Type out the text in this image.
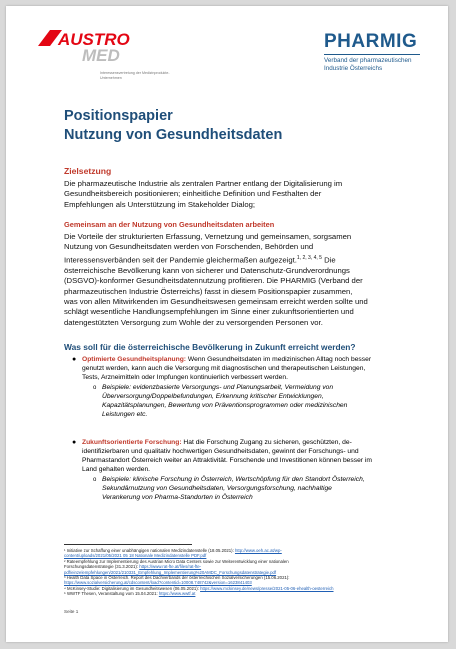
AUSTRO
MED
Interessensvertretung der Medizinprodukte-Unternehmen
PHARMIG
Verband der pharmazeutischen
Industrie Österreichs
Positionspapier
Nutzung von Gesundheitsdaten
Zielsetzung
Die pharmazeutische Industrie als zentralen Partner entlang der Digitalisierung im
Gesundheitsbereich positionieren; einheitliche Definition und Festhalten der
Empfehlungen als Unterstützung im Stakeholder Dialog;
Gemeinsam an der Nutzung von Gesundheitsdaten arbeiten
Die Vorteile der strukturierten Erfassung, Vernetzung und gemeinsamen, sorgsamen
Nutzung von Gesundheitsdaten werden von Forschenden, Behörden und
Interessensverbänden seit der Pandemie gleichermaßen aufgezeigt.$^{1, 2, 3, 4, 5}$ Die
österreichische Bevölkerung kann von sicherer und Datenschutz-Grundverordnungs
(DSGVO)-konformer Gesundheitsdatennutzung profitieren. Die PHARMIG (Verband der
pharmazeutischen Industrie Österreichs) fasst in diesem Positionspapier zusammen,
was von allen Mitwirkenden im Gesundheitswesen gemeinsam erreicht werden sollte und
schlägt wesentliche Handlungsempfehlungen im Sinne einer zukunftsorientierten und
datengestützten Versorgung zum Wohle der zu versorgenden Personen vor.
Was soll für die österreichische Bevölkerung in Zukunft erreicht werden?
● Optimierte Gesundheitsplanung: Wenn Gesundheitsdaten im medizinischen Alltag noch besser
genutzt werden, kann auch die Versorgung mit diagnostischen und therapeutischen Leistungen,
Tests, Arzneimitteln oder Impfungen kontinuierlich verbessert werden.
o Beispiele: evidenzbasierte Versorgungs- und Planungsarbeit, Vermeidung von
Überversorgung/Doppelbefundungen, Erkennung kritischer Entwicklungen,
Kapazitätsplanungen, Bewertung von Präventionsprogrammen oder medizinischen
Leistungen etc.
● Zukunftsorientierte Forschung: Hat die Forschung Zugang zu sicheren, geschützten, de-
identifizierbaren und qualitativ hochwertigen Gesundheitsdaten, gewinnt der Forschungs- und
Pharmastandort Österreich weiter an Attraktivität. Forschende und Investitionen können besser im
Land gehalten werden.
o Beispiele: klinische Forschung in Österreich, Wertschöpfung für den Standort Österreich,
Sekundärnutzung von Gesundheitsdaten, Versorgungsforschung, nachhaltige
Verankerung von Pharma-Standorten in Österreich
¹ Initiative zur Schaffung einer unabhängigen nationalen Medizindatenstelle (18.05.2021): http://www.oeh.ac.at/wp-
content/uploads/2021/05/2021 05 18 Nationale Medizindatenstelle PDF.pdf
² Rateempfehlung zur Implementierung des Austrian Micro Data Centers sowie zur Weiterentwicklung einer nationalen
Forschungsdatenstrategie (31.3.2021): https://www.rat-fte.at/files/rat-fte-
pdf/einzelempfehlungen/2021/210331_Empfehlung_Implementierung%20AMDC_Forschungsdatenstrategie.pdf
³ Health Data Space in Österreich. Report des Dachverbands der österreichischen Sozialversicherungen (15.06.2021):
https://www.sozialversicherung.at/cdscontent/load?contentid=10008.748742&version=1623841403
⁴ McKinsey-Studie: Digitalisierung im Gesundheitswesen (06.05.2021): https://www.mckinsey.de/news/presse/2021-05-06-ehealth-oesterreich
⁵ WWTF Thesen, Veranstaltung vom 15.04.2021: https://www.wwtf.at
Seite 1
